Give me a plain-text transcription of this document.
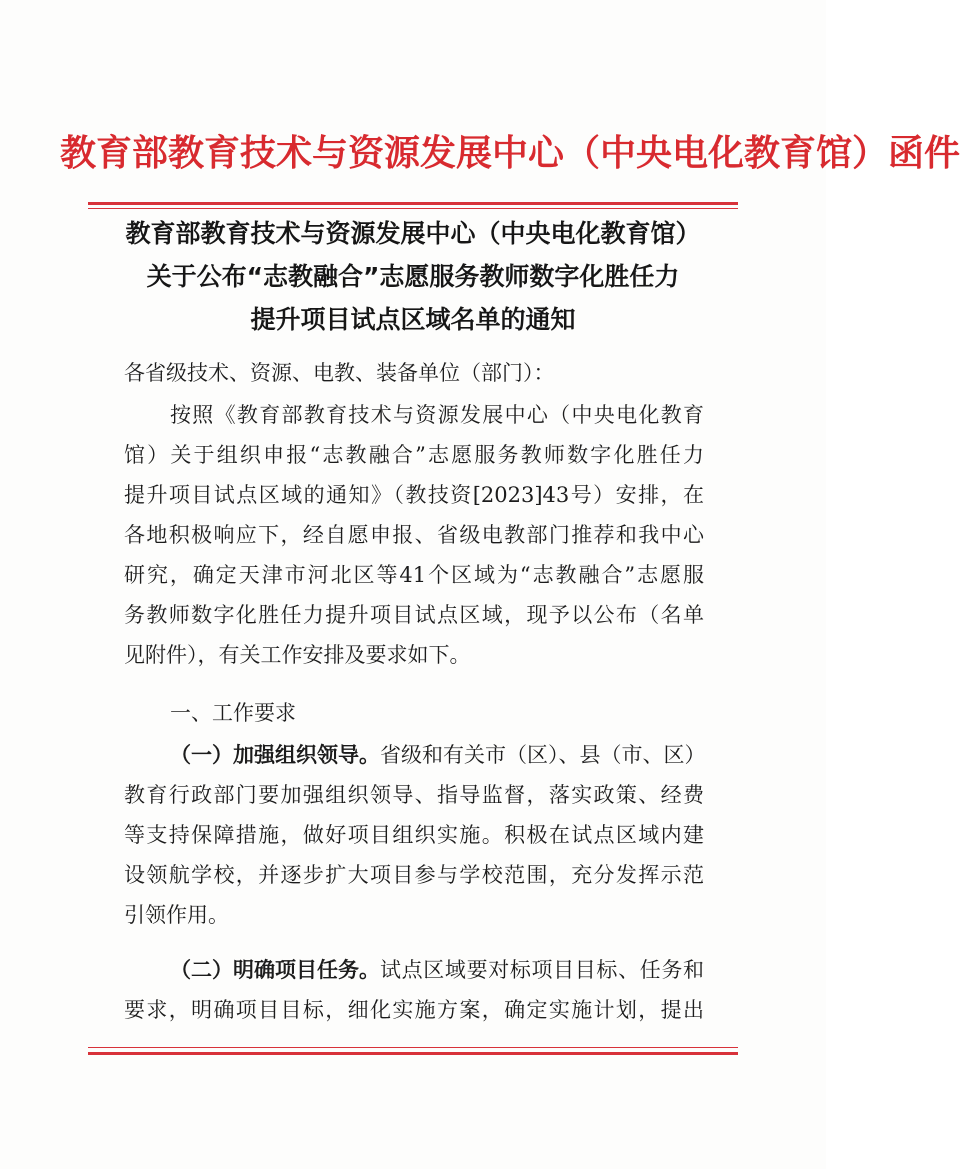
教育部教育技术与资源发展中心（中央电化教育馆）函件
教育部教育技术与资源发展中心（中央电化教育馆）
关于公布“志教融合”志愿服务教师数字化胜任力
提升项目试点区域名单的通知
各省级技术、资源、电教、装备单位（部门）：
按照《教育部教育技术与资源发展中心（中央电化教育
馆）关于组织申报“志教融合”志愿服务教师数字化胜任力
提升项目试点区域的通知》（教技资[2023]43号）安排，在
各地积极响应下，经自愿申报、省级电教部门推荐和我中心
研究，确定天津市河北区等41个区域为“志教融合”志愿服
务教师数字化胜任力提升项目试点区域，现予以公布（名单
见附件），有关工作安排及要求如下。
一、工作要求
（一）加强组织领导。 省级和有关市（区）、县（市、区）
教育行政部门要加强组织领导、指导监督，落实政策、经费
等支持保障措施，做好项目组织实施。积极在试点区域内建
设领航学校，并逐步扩大项目参与学校范围，充分发挥示范
引领作用。
（二）明确项目任务。 试点区域要对标项目目标、任务和
要求，明确项目目标，细化实施方案，确定实施计划，提出
